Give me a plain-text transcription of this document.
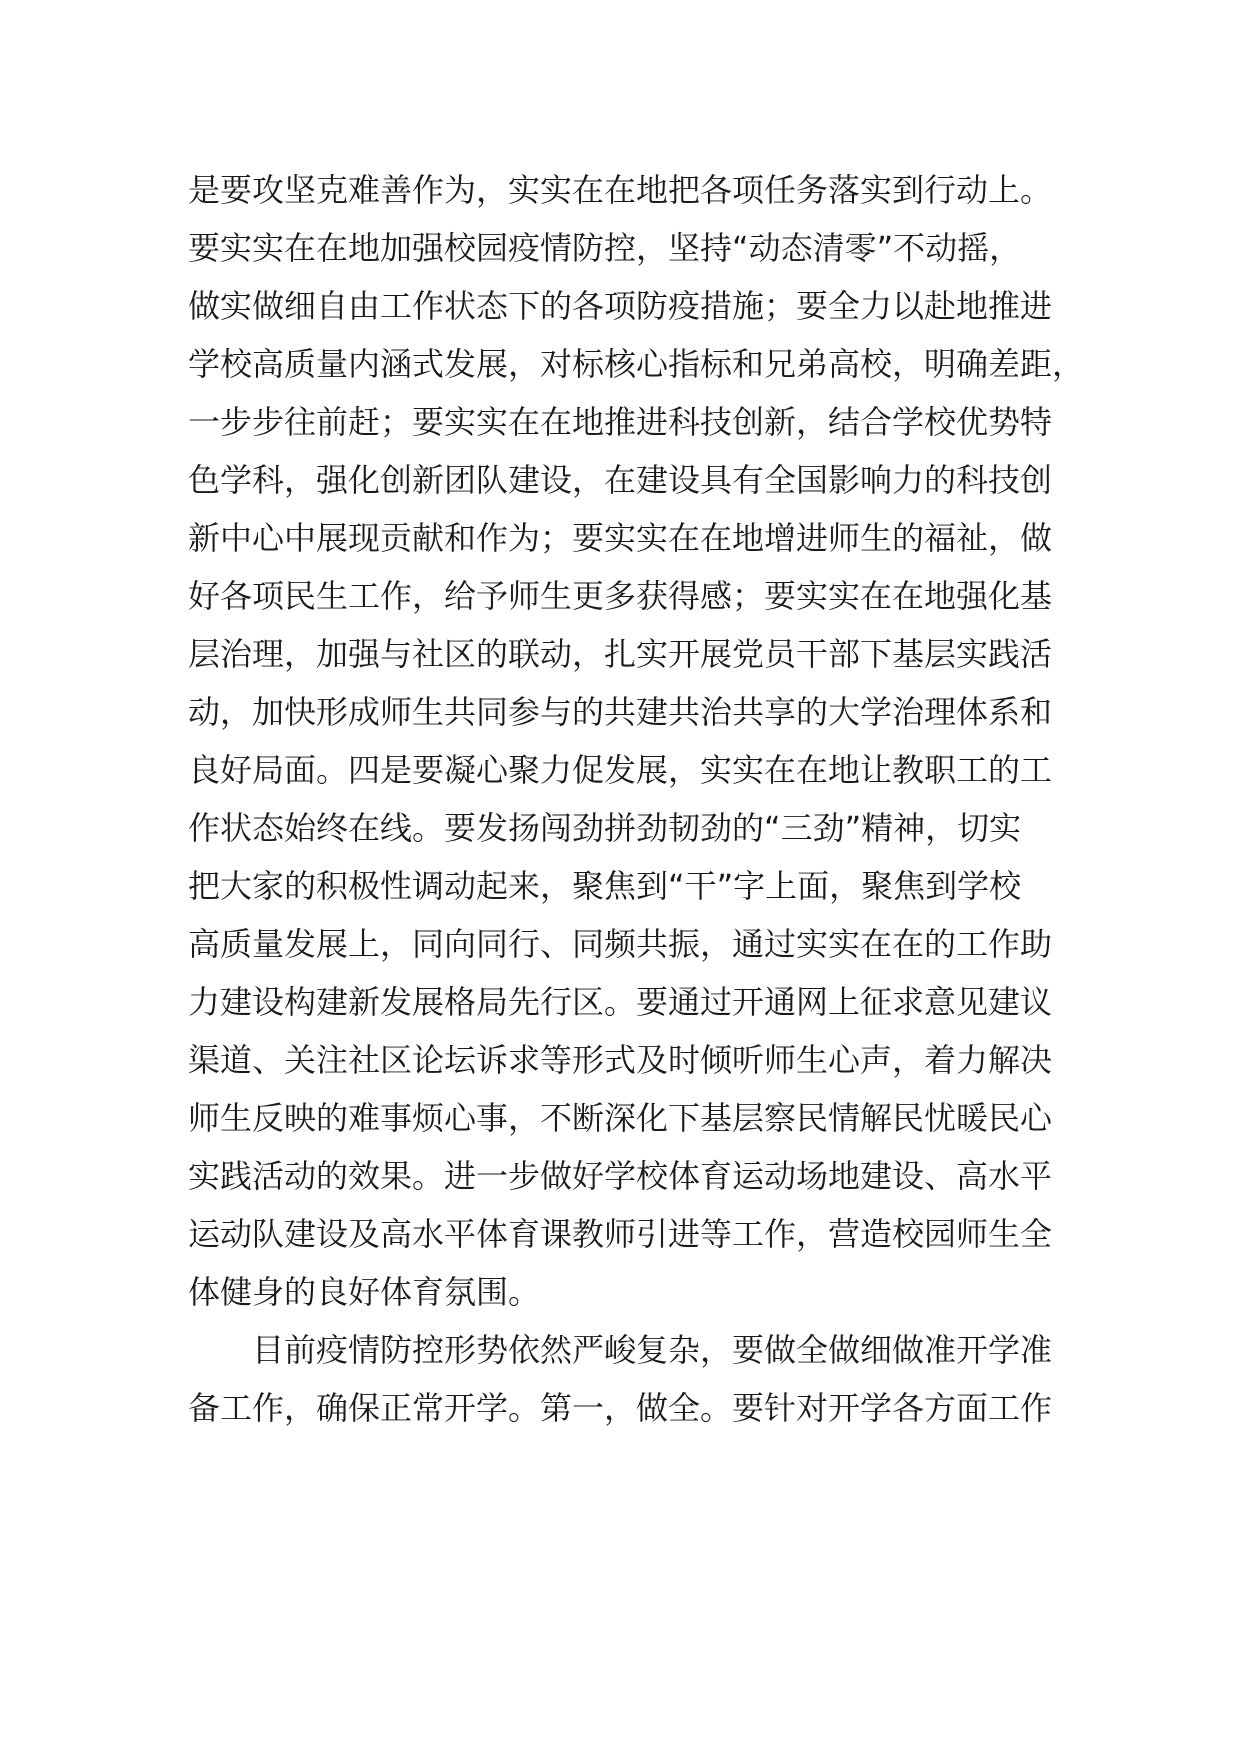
是要攻坚克难善作为，实实在在地把各项任务落实到行动上。
要实实在在地加强校园疫情防控，坚持“动态清零”不动摇，
做实做细自由工作状态下的各项防疫措施；要全力以赴地推进
学校高质量内涵式发展，对标核心指标和兄弟高校，明确差距，
一步步往前赶；要实实在在地推进科技创新，结合学校优势特
色学科，强化创新团队建设，在建设具有全国影响力的科技创
新中心中展现贡献和作为；要实实在在地增进师生的福祉，做
好各项民生工作，给予师生更多获得感；要实实在在地强化基
层治理，加强与社区的联动，扎实开展党员干部下基层实践活
动，加快形成师生共同参与的共建共治共享的大学治理体系和
良好局面。四是要凝心聚力促发展，实实在在地让教职工的工
作状态始终在线。要发扬闯劲拼劲韧劲的“三劲”精神，切实
把大家的积极性调动起来，聚焦到“干”字上面，聚焦到学校
高质量发展上，同向同行、同频共振，通过实实在在的工作助
力建设构建新发展格局先行区。要通过开通网上征求意见建议
渠道、关注社区论坛诉求等形式及时倾听师生心声，着力解决
师生反映的难事烦心事，不断深化下基层察民情解民忧暖民心
实践活动的效果。进一步做好学校体育运动场地建设、高水平
运动队建设及高水平体育课教师引进等工作，营造校园师生全
体健身的良好体育氛围。
目前疫情防控形势依然严峻复杂，要做全做细做准开学准
备工作，确保正常开学。第一，做全。要针对开学各方面工作
